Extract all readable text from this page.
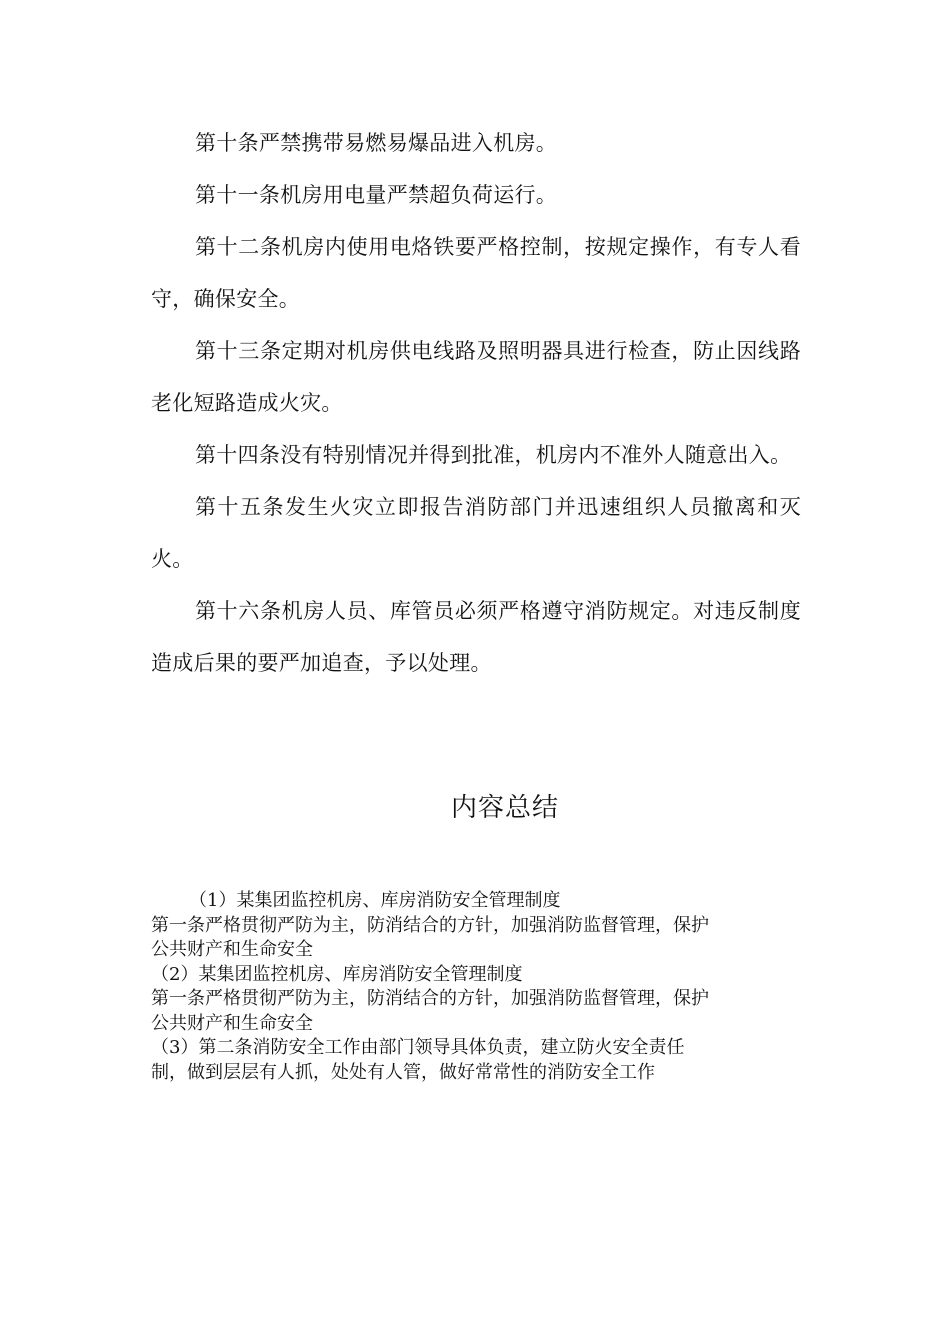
第十条严禁携带易燃易爆品进入机房。

第十一条机房用电量严禁超负荷运行。

第十二条机房内使用电烙铁要严格控制，按规定操作，有专人看守，确保安全。

第十三条定期对机房供电线路及照明器具进行检查，防止因线路老化短路造成火灾。

第十四条没有特别情况并得到批准，机房内不准外人随意出入。

第十五条发生火灾立即报告消防部门并迅速组织人员撤离和灭火。

第十六条机房人员、库管员必须严格遵守消防规定。对违反制度造成后果的要严加追查，予以处理。

内容总结

（1）某集团监控机房、库房消防安全管理制度

第一条严格贯彻严防为主，防消结合的方针，加强消防监督管理，保护

公共财产和生命安全

（2）某集团监控机房、库房消防安全管理制度

第一条严格贯彻严防为主，防消结合的方针，加强消防监督管理，保护

公共财产和生命安全

（3）第二条消防安全工作由部门领导具体负责，建立防火安全责任

制，做到层层有人抓，处处有人管，做好常常性的消防安全工作
